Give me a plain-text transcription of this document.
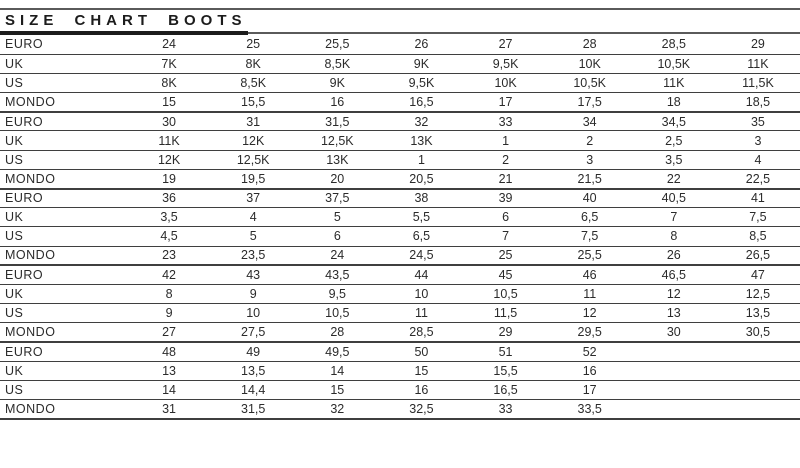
SIZE CHART BOOTS
EURO	24	25	25,5	26	27	28	28,5	29
UK	7K	8K	8,5K	9K	9,5K	10K	10,5K	11K
US	8K	8,5K	9K	9,5K	10K	10,5K	11K	11,5K
MONDO	15	15,5	16	16,5	17	17,5	18	18,5
EURO	30	31	31,5	32	33	34	34,5	35
UK	11K	12K	12,5K	13K	1	2	2,5	3
US	12K	12,5K	13K	1	2	3	3,5	4
MONDO	19	19,5	20	20,5	21	21,5	22	22,5
EURO	36	37	37,5	38	39	40	40,5	41
UK	3,5	4	5	5,5	6	6,5	7	7,5
US	4,5	5	6	6,5	7	7,5	8	8,5
MONDO	23	23,5	24	24,5	25	25,5	26	26,5
EURO	42	43	43,5	44	45	46	46,5	47
UK	8	9	9,5	10	10,5	11	12	12,5
US	9	10	10,5	11	11,5	12	13	13,5
MONDO	27	27,5	28	28,5	29	29,5	30	30,5
EURO	48	49	49,5	50	51	52		
UK	13	13,5	14	15	15,5	16		
US	14	14,4	15	16	16,5	17		
MONDO	31	31,5	32	32,5	33	33,5		
